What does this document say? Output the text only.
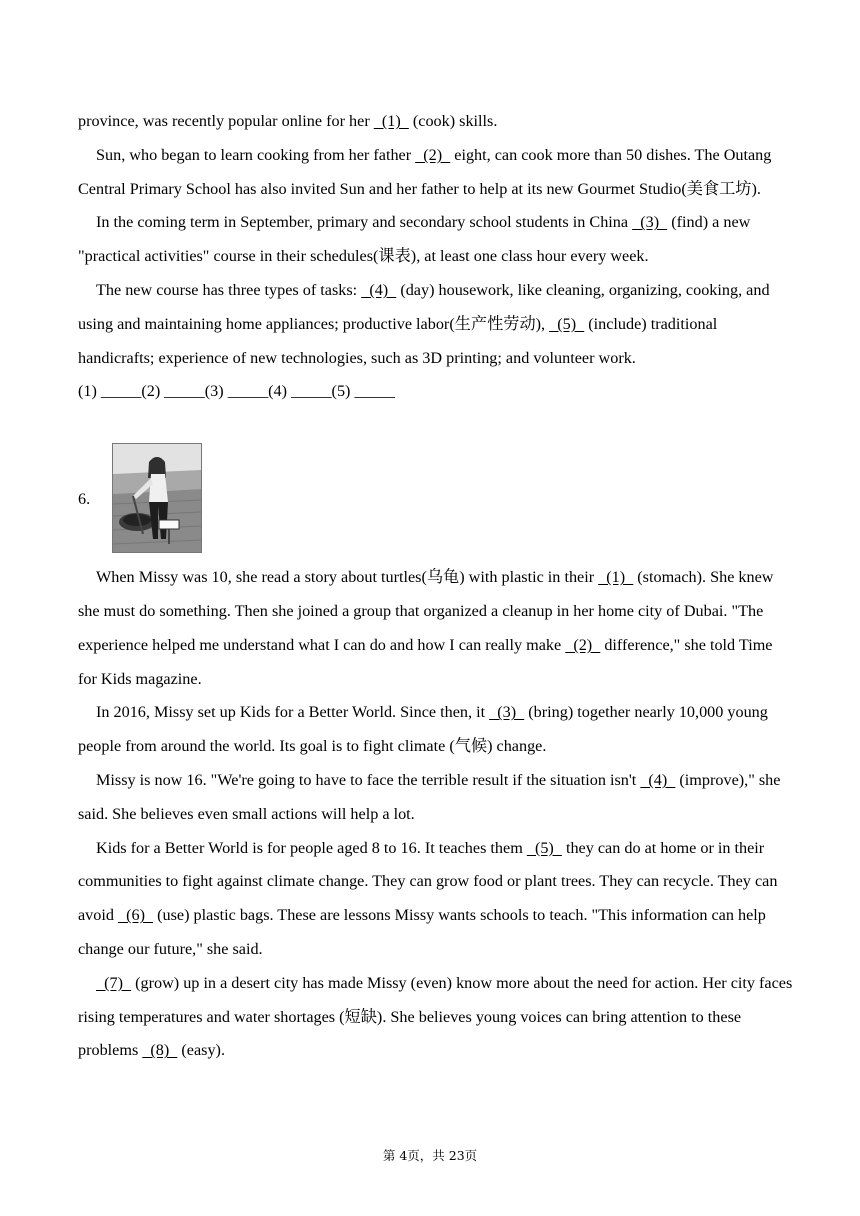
province, was recently popular online for her   (1)   (cook) skills.

Sun, who began to learn cooking from her father   (2)   eight, can cook more than 50 dishes. The Outang Central Primary School has also invited Sun and her father to help at its new Gourmet Studio(美食工坊).

In the coming term in September, primary and secondary school students in China   (3)   (find) a new "practical activities" course in their schedules(课表), at least one class hour every week.

The new course has three types of tasks:   (4)   (day) housework, like cleaning, organizing, cooking, and using and maintaining home appliances; productive labor(生产性劳动),   (5)   (include) traditional handicrafts; experience of new technologies, such as 3D printing; and volunteer work.

(1) _____(2) _____(3) _____(4) _____(5) _____

6.

When Missy was 10, she read a story about turtles(乌龟) with plastic in their   (1)   (stomach). She knew she must do something. Then she joined a group that organized a cleanup in her home city of Dubai. "The experience helped me understand what I can do and how I can really make   (2)   difference," she told Time for Kids magazine.

In 2016, Missy set up Kids for a Better World. Since then, it   (3)   (bring) together nearly 10,000 young people from around the world. Its goal is to fight climate (气候) change.

Missy is now 16. "We're going to have to face the terrible result if the situation isn't   (4)   (improve)," she said. She believes even small actions will help a lot.

Kids for a Better World is for people aged 8 to 16. It teaches them   (5)   they can do at home or in their communities to fight against climate change. They can grow food or plant trees. They can recycle. They can avoid   (6)   (use) plastic bags. These are lessons Missy wants schools to teach. "This information can help change our future," she said.

(7)   (grow) up in a desert city has made Missy (even) know more about the need for action. Her city faces rising temperatures and water shortages (短缺). She believes young voices can bring attention to these problems   (8)   (easy).

第 4页，共 23页
